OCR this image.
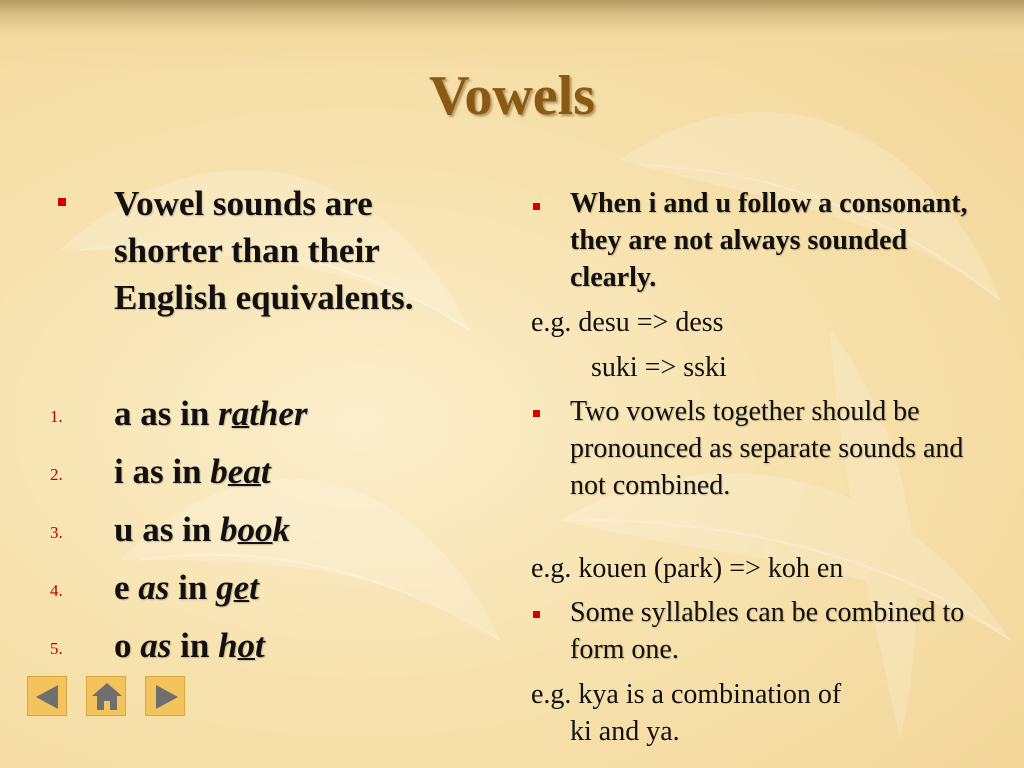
Vowels
Vowel sounds are shorter than their English equivalents.
1. a as in rather
2. i as in beat
3. u as in book
4. e as in get
5. o as in hot
When i and u follow a consonant, they are not always sounded clearly.
e.g. desu => dess
suki => sski
Two vowels together should be pronounced as separate sounds and not combined.
e.g. kouen (park) => koh en
Some syllables can be combined to form one.
e.g. kya is a combination of
ki and ya.
